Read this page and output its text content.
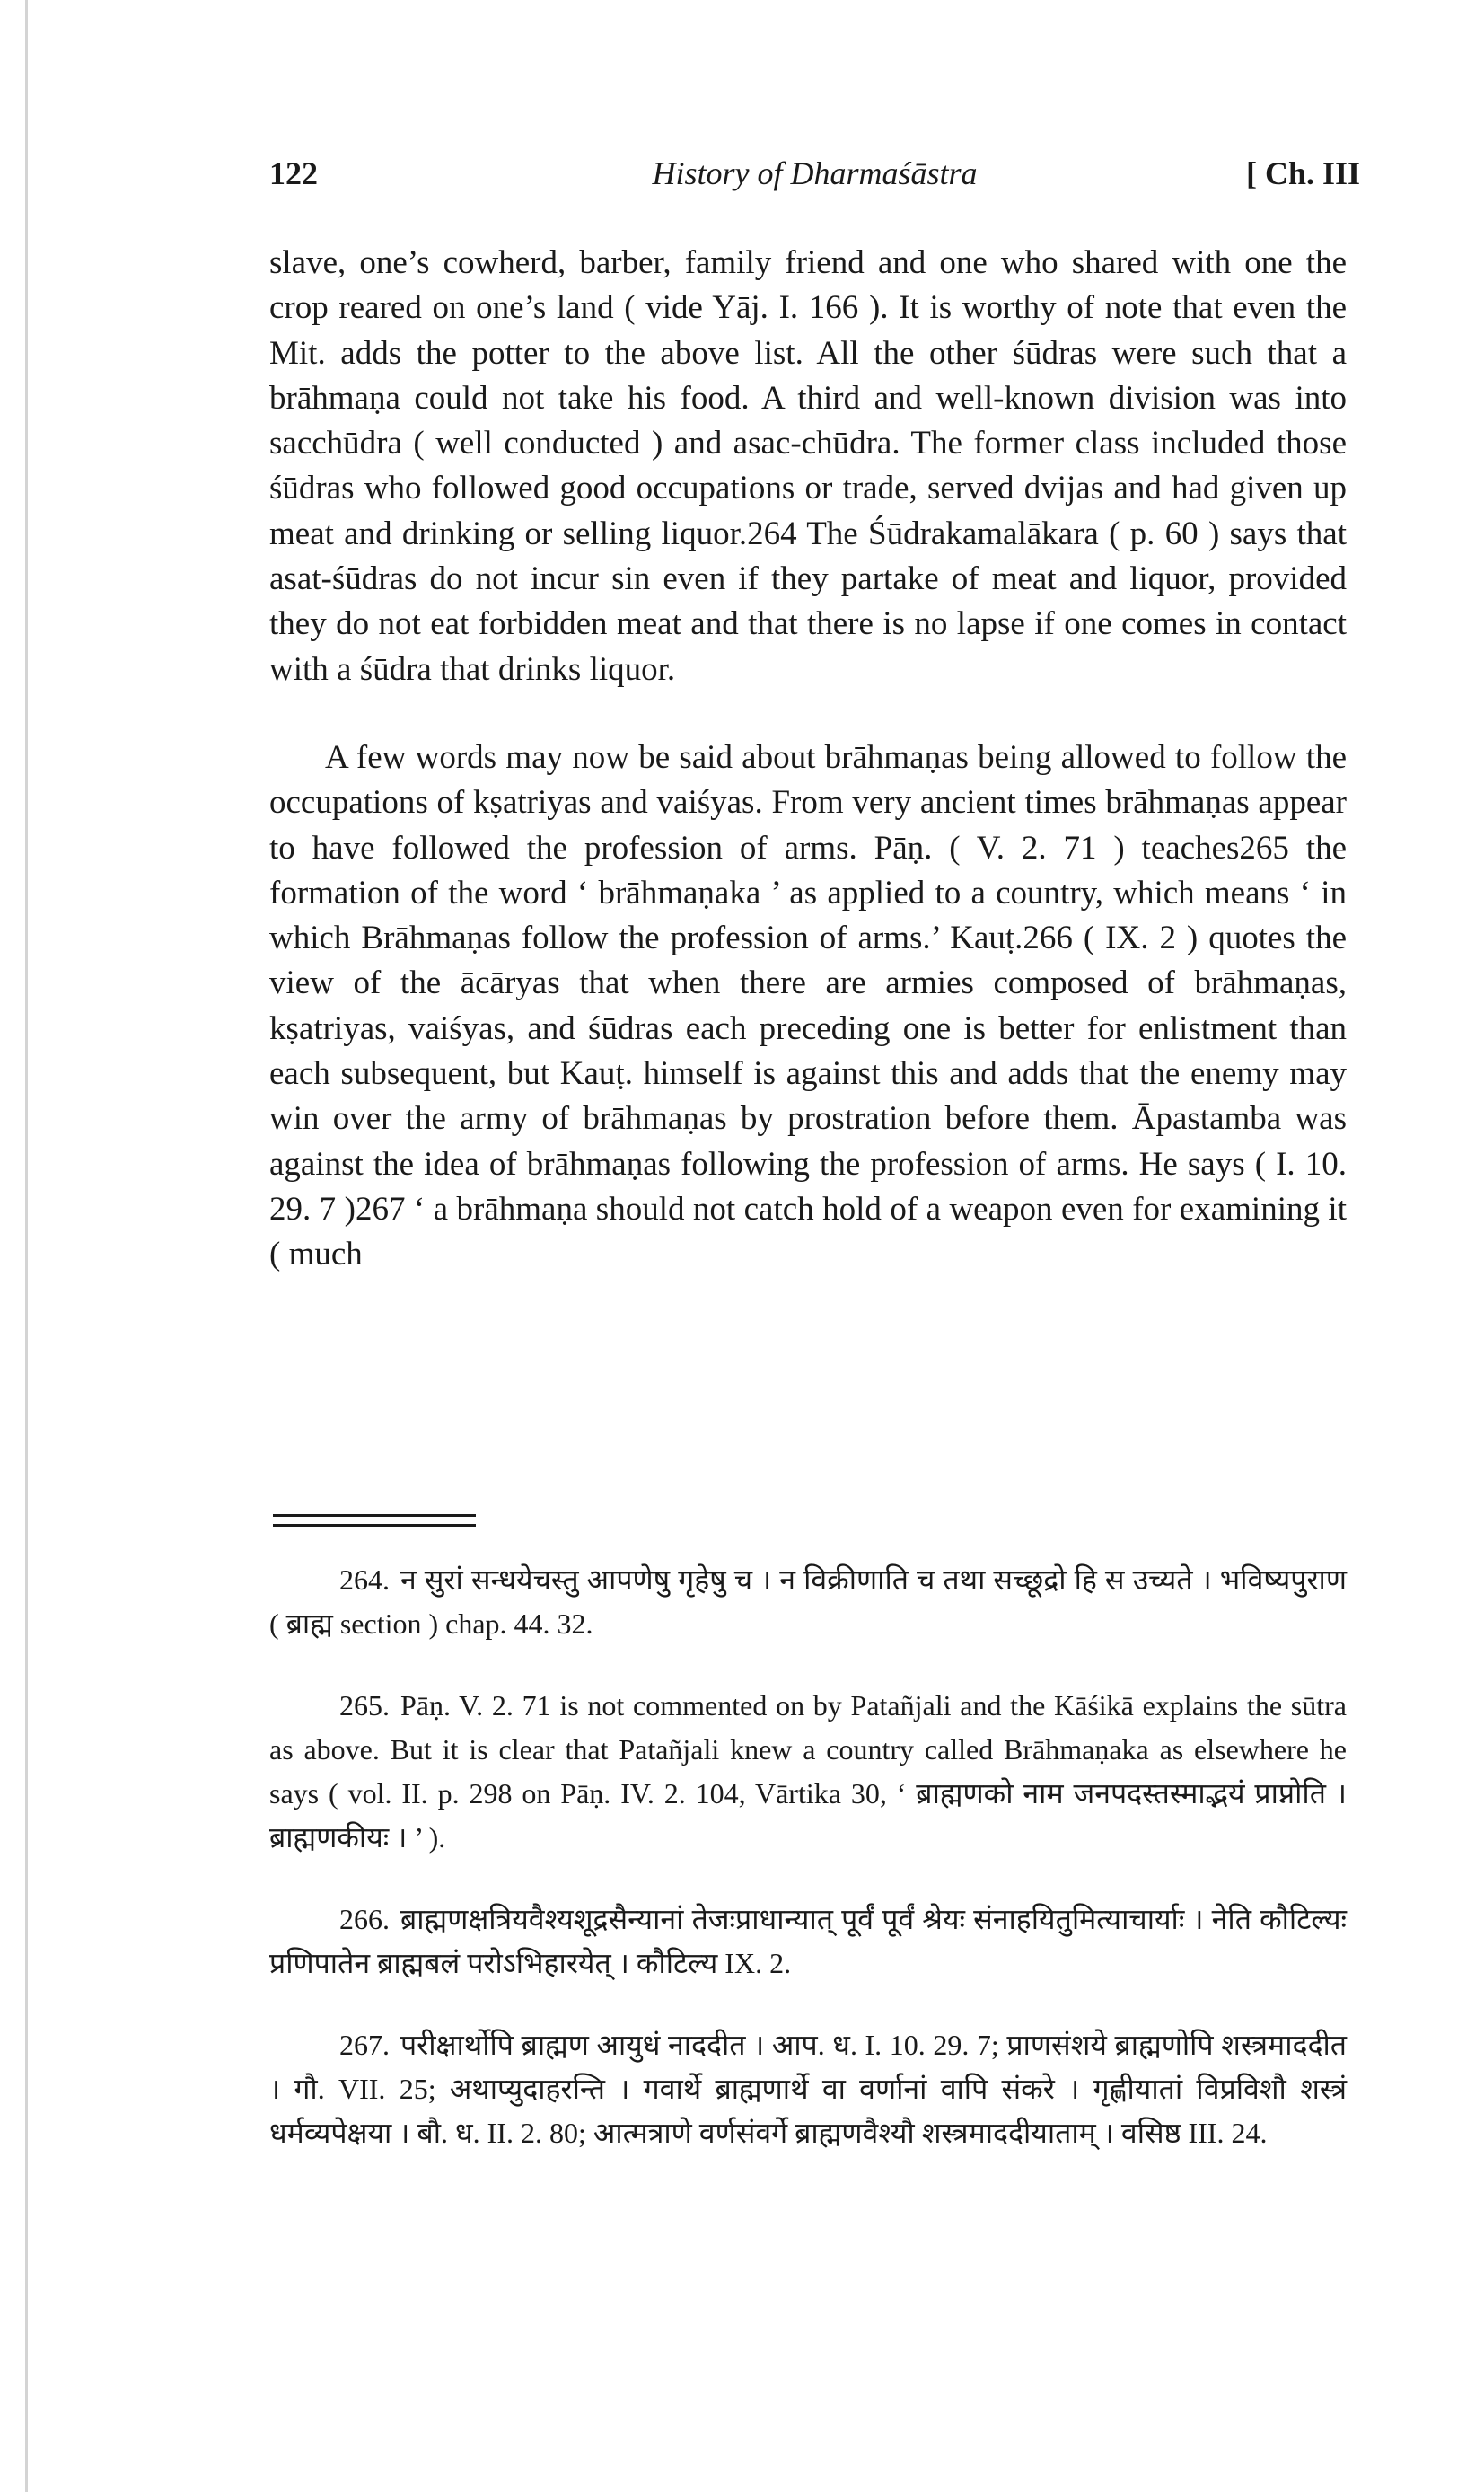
122	History of Dharmaśāstra	[ Ch. III

slave, one’s cowherd, barber, family friend and one who shared with one the crop reared on one’s land ( vide Yāj. I. 166 ). It is worthy of note that even the Mit. adds the potter to the above list. All the other śūdras were such that a brāhmaṇa could not take his food. A third and well-known division was into sacchūdra ( well conducted ) and asac-chūdra. The former class included those śūdras who followed good occupations or trade, served dvijas and had given up meat and drinking or selling liquor.264 The Śūdrakamalākara ( p. 60 ) says that asat-śūdras do not incur sin even if they partake of meat and liquor, provided they do not eat forbidden meat and that there is no lapse if one comes in contact with a śūdra that drinks liquor.

A few words may now be said about brāhmaṇas being allowed to follow the occupations of kṣatriyas and vaiśyas. From very ancient times brāhmaṇas appear to have followed the profession of arms. Pāṇ. ( V. 2. 71 ) teaches265 the formation of the word ‘ brāhmaṇaka ’ as applied to a country, which means ‘ in which Brāhmaṇas follow the profession of arms.’ Kauṭ.266 ( IX. 2 ) quotes the view of the ācāryas that when there are armies composed of brāhmaṇas, kṣatriyas, vaiśyas, and śūdras each preceding one is better for enlistment than each subsequent, but Kauṭ. himself is against this and adds that the enemy may win over the army of brāhmaṇas by prostration before them. Āpastamba was against the idea of brāhmaṇas following the profession of arms. He says ( I. 10. 29. 7 )267 ‘ a brāhmaṇa should not catch hold of a weapon even for examining it ( much

264. न सुरां सन्धयेचस्तु आपणेषु गृहेषु च । न विक्रीणाति च तथा सच्छूद्रो हि स उच्यते । भविष्यपुराण ( ब्राह्म section ) chap. 44. 32.

265. Pāṇ. V. 2. 71 is not commented on by Patañjali and the Kāśikā explains the sūtra as above. But it is clear that Patañjali knew a country called Brāhmaṇaka as elsewhere he says ( vol. II. p. 298 on Pāṇ. IV. 2. 104, Vārtika 30, ‘ ब्राह्मणको नाम जनपदस्तस्माद्भयं प्राप्नोति । ब्राह्मणकीयः । ’ ).

266. ब्राह्मणक्षत्रियवैश्यशूद्रसैन्यानां तेजःप्राधान्यात् पूर्वं पूर्वं श्रेयः संनाहयितुमित्याचार्याः । नेति कौटिल्यः प्रणिपातेन ब्राह्मबलं परोऽभिहारयेत् । कौटिल्य IX. 2.

267. परीक्षार्थोपि ब्राह्मण आयुधं नाददीत । आप. ध. I. 10. 29. 7; प्राणसंशये ब्राह्मणोपि शस्त्रमाददीत । गौ. VII. 25; अथाप्युदाहरन्ति । गवार्थे ब्राह्मणार्थे वा वर्णानां वापि संकरे । गृह्णीयातां विप्रविशौ शस्त्रं धर्मव्यपेक्षया । बौ. ध. II. 2. 80; आत्मत्राणे वर्णसंवर्गे ब्राह्मणवैश्यौ शस्त्रमाददीयाताम् । वसिष्ठ III. 24.
